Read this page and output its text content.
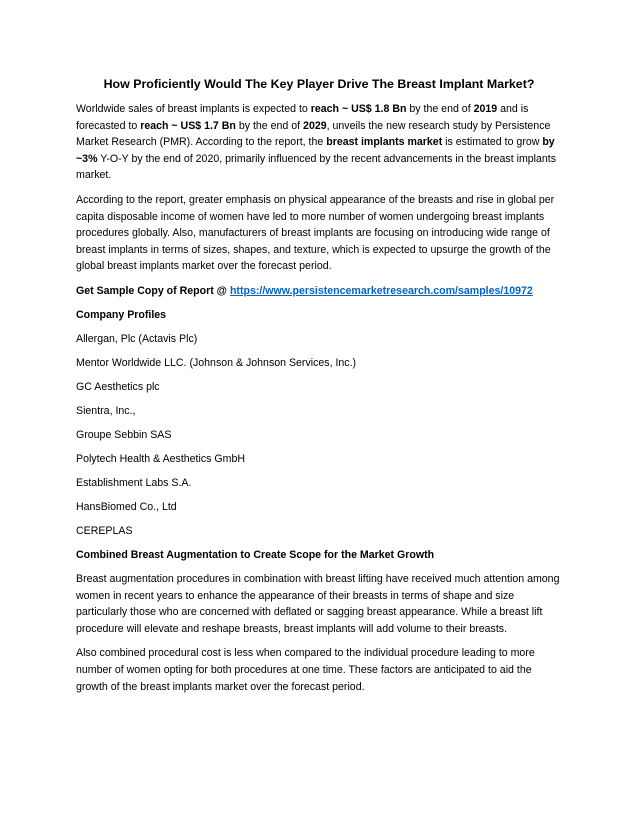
How Proficiently Would The Key Player Drive The Breast Implant Market?

Worldwide sales of breast implants is expected to reach ~ US$ 1.8 Bn by the end of 2019 and is forecasted to reach ~ US$ 1.7 Bn by the end of 2029, unveils the new research study by Persistence Market Research (PMR). According to the report, the breast implants market is estimated to grow by ~3% Y-O-Y by the end of 2020, primarily influenced by the recent advancements in the breast implants market.

According to the report, greater emphasis on physical appearance of the breasts and rise in global per capita disposable income of women have led to more number of women undergoing breast implants procedures globally. Also, manufacturers of breast implants are focusing on introducing wide range of breast implants in terms of sizes, shapes, and texture, which is expected to upsurge the growth of the global breast implants market over the forecast period.

Get Sample Copy of Report @ https://www.persistencemarketresearch.com/samples/10972

Company Profiles

Allergan, Plc (Actavis Plc)

Mentor Worldwide LLC. (Johnson & Johnson Services, Inc.)

GC Aesthetics plc

Sientra, Inc.,

Groupe Sebbin SAS

Polytech Health & Aesthetics GmbH

Establishment Labs S.A.

HansBiomed Co., Ltd

CEREPLAS

Combined Breast Augmentation to Create Scope for the Market Growth

Breast augmentation procedures in combination with breast lifting have received much attention among women in recent years to enhance the appearance of their breasts in terms of shape and size particularly those who are concerned with deflated or sagging breast appearance. While a breast lift procedure will elevate and reshape breasts, breast implants will add volume to their breasts.

Also combined procedural cost is less when compared to the individual procedure leading to more number of women opting for both procedures at one time. These factors are anticipated to aid the growth of the breast implants market over the forecast period.
